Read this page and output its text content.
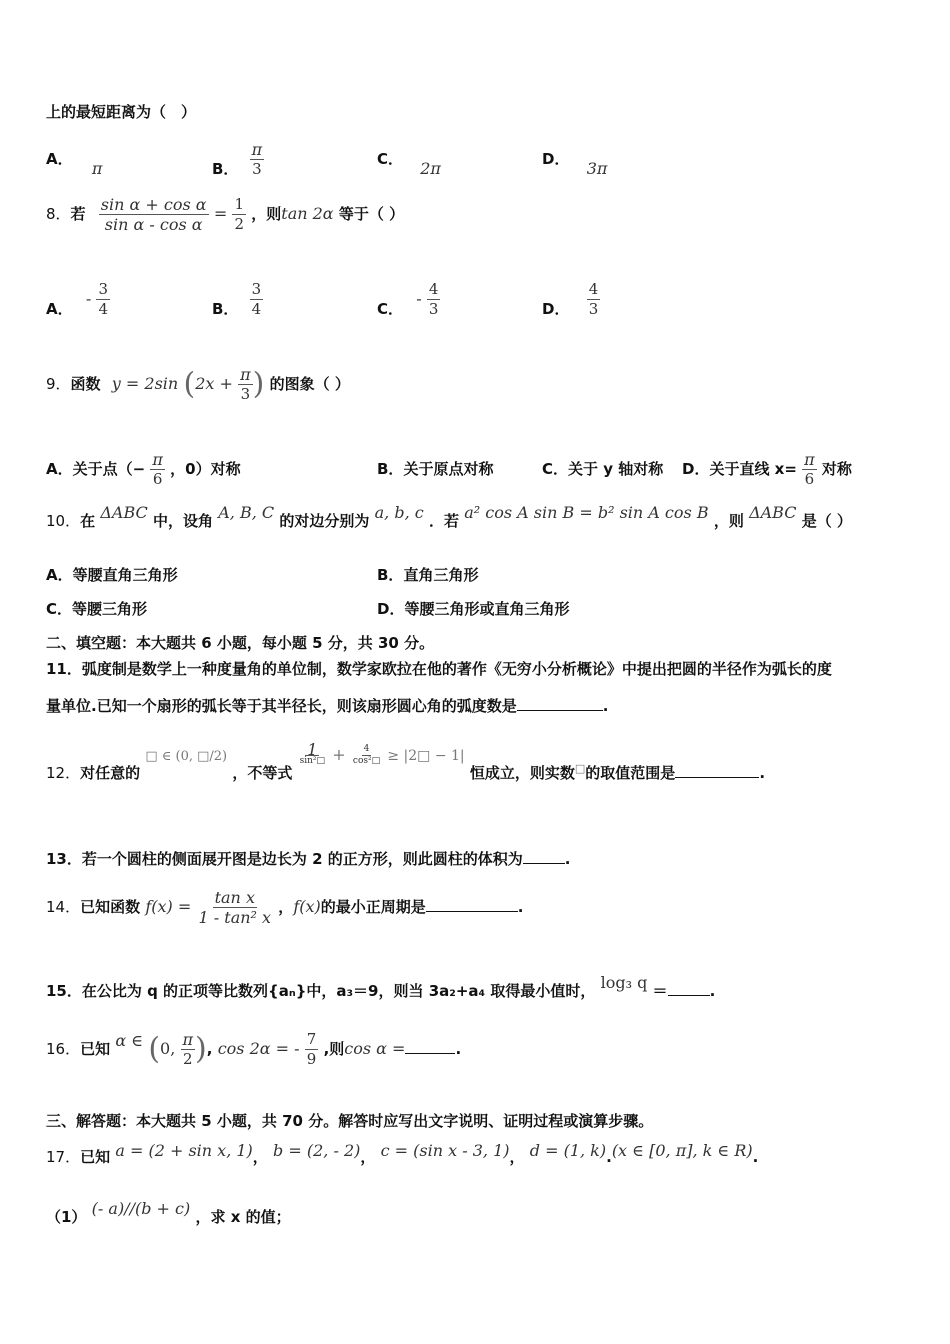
上的最短距离为（　）
A． π	B． $\frac{\pi}{3}$	C． 2π	D． 3π
8．若 $\frac{\text{sin α + cos α}}{\text{sin α - cos α}} = \frac{1}{2}$ ，则tan 2α 等于（ ）
A． - $\frac{3}{4}$	B． $\frac{3}{4}$	C． - $\frac{4}{3}$	D． $\frac{4}{3}$
9．函数 y = 2sin ($2x + \frac{\pi}{3}$ ) 的图象（ ）
A．关于点（− $\frac{\pi}{6}$ ，0）对称	B．关于原点对称	C．关于 y 轴对称 D．关于直线 $x= \frac{\pi}{6}$ 对称
10．在 ΔABC 中，设角 A, B, C 的对边分别为 a, b, c ．若 a² cos A sin B = b² sin A cos B ，则 ΔABC 是（ ）
A．等腰直角三角形	B．直角三角形
C．等腰三角形	D．等腰三角形或直角三角形
二、填空题：本大题共 6 小题，每小题 5 分，共 30 分。
11．弧度制是数学上一种度量角的单位制，数学家欧拉在他的著作《无穷小分析概论》中提出把圆的半径作为弧长的度
量单位.已知一个扇形的弧长等于其半径长，则该扇形圆心角的弧度数是	.
12．对任意的 □ ∈ (0, □/2) ，不等式
$\frac{1}{\text{sin²□}} + \frac{4}{\text{cos²□}}$ ≥ |2□ − 1| 恒成立，则实数□的取值范围是	.
13．若一个圆柱的侧面展开图是边长为 2 的正方形，则此圆柱的体积为	.
14．已知函数 $f(x) = \frac{\text{tan x}}{\text{1 - tan² x}}$ ，f(x)的最小正周期是	.
15．在公比为 q 的正项等比数列{aₙ}中，a₃＝9，则当 3a₂+a₄ 取得最小值时， log₃ q ＝	.
16．已知 α ∈ (0, $\frac{\pi}{2}$ ), cos 2α = - $\frac{7}{9}$ ,则cos α =	.
三、解答题：本大题共 5 小题，共 70 分。解答时应写出文字说明、证明过程或演算步骤。
17．已知 a = (2 + sin x, 1)， b = (2, - 2)， c = (sin x - 3, 1)， d = (1, k).(x ∈ [0, π], k ∈ R).
（1） (- a)//(b + c) ，求 x 的值；
